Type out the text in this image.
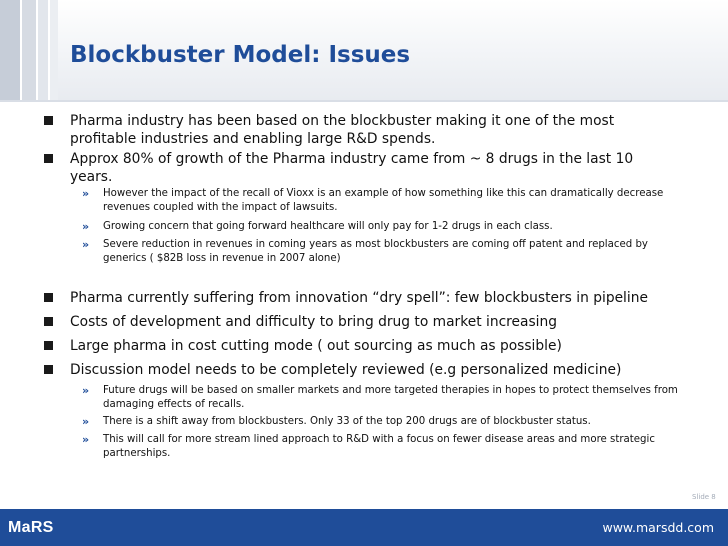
Blockbuster Model: Issues
Pharma industry has been based on the blockbuster making it one of the most profitable industries and enabling large R&D spends.
Approx 80% of growth of the Pharma industry came from ~ 8 drugs in the last 10 years.
» However the impact of the recall of Vioxx is an example of how something like this can dramatically decrease revenues coupled with the impact of lawsuits.
» Growing concern that going forward healthcare will only pay for 1-2 drugs in each class.
» Severe reduction in revenues in coming years as most blockbusters are coming off patent and replaced by generics ( $82B loss in revenue in 2007 alone)
Pharma currently suffering from innovation “dry spell”: few blockbusters in pipeline
Costs of development and difficulty to bring drug to market increasing
Large pharma in cost cutting mode ( out sourcing as much as possible)
Discussion model needs to be completely reviewed (e.g personalized medicine)
» Future drugs will be based on smaller markets and more targeted therapies in hopes to protect themselves from damaging effects of recalls.
» There is a shift away from blockbusters. Only 33 of the top 200 drugs are of blockbuster status.
» This will call for more stream lined approach to R&D with a focus on fewer disease areas and more strategic partnerships.
Slide 8
MaRS	www.marsdd.com
